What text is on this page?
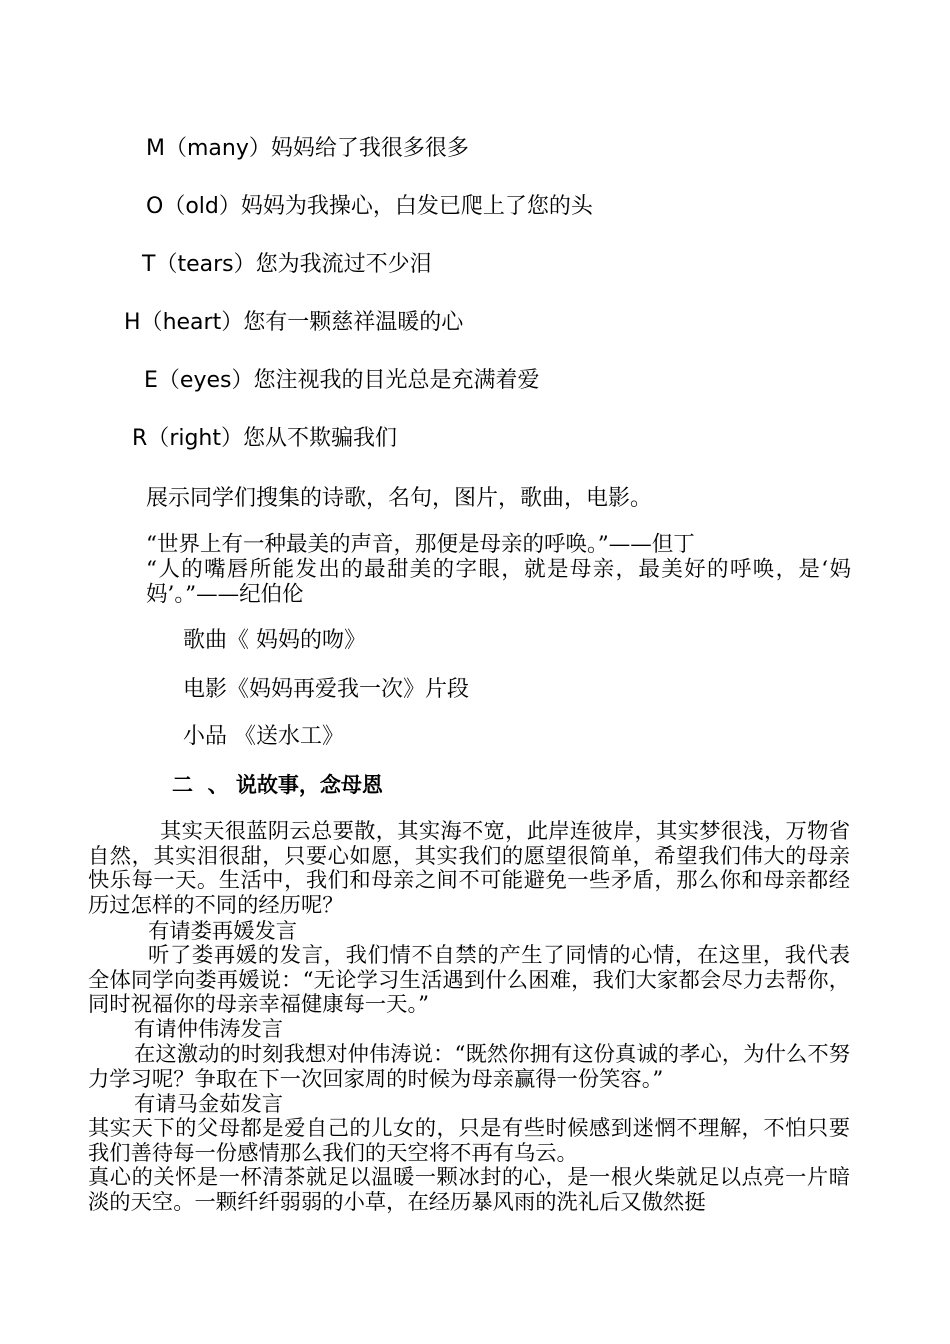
M（many）妈妈给了我很多很多
O（old）妈妈为我操心，白发已爬上了您的头
T（tears）您为我流过不少泪
H（heart）您有一颗慈祥温暖的心
E（eyes）您注视我的目光总是充满着爱
R（right）您从不欺骗我们
展示同学们搜集的诗歌，名句，图片，歌曲，电影。
“世界上有一种最美的声音，那便是母亲的呼唤。”——但丁
“人的嘴唇所能发出的最甜美的字眼，就是母亲，最美好的呼唤，是‘妈妈’。”——纪伯伦
歌曲《 妈妈的吻》
电影《妈妈再爱我一次》片段
小品 《送水工》
二  、 说故事，念母恩
其实天很蓝阴云总要散，其实海不宽，此岸连彼岸，其实梦很浅，万物省自然，其实泪很甜，只要心如愿，其实我们的愿望很简单，希望我们伟大的母亲快乐每一天。生活中，我们和母亲之间不可能避免一些矛盾，那么你和母亲都经历过怎样的不同的经历呢？
有请娄再媛发言
听了娄再媛的发言，我们情不自禁的产生了同情的心情，在这里，我代表全体同学向娄再媛说：“无论学习生活遇到什么困难，我们大家都会尽力去帮你，同时祝福你的母亲幸福健康每一天。”
有请仲伟涛发言
在这激动的时刻我想对仲伟涛说：“既然你拥有这份真诚的孝心，为什么不努力学习呢？争取在下一次回家周的时候为母亲赢得一份笑容。”
有请马金茹发言
其实天下的父母都是爱自己的儿女的，只是有些时候感到迷惘不理解，不怕只要我们善待每一份感情那么我们的天空将不再有乌云。
真心的关怀是一杯清茶就足以温暖一颗冰封的心，是一根火柴就足以点亮一片暗淡的天空。一颗纤纤弱弱的小草，在经历暴风雨的洗礼后又傲然挺
